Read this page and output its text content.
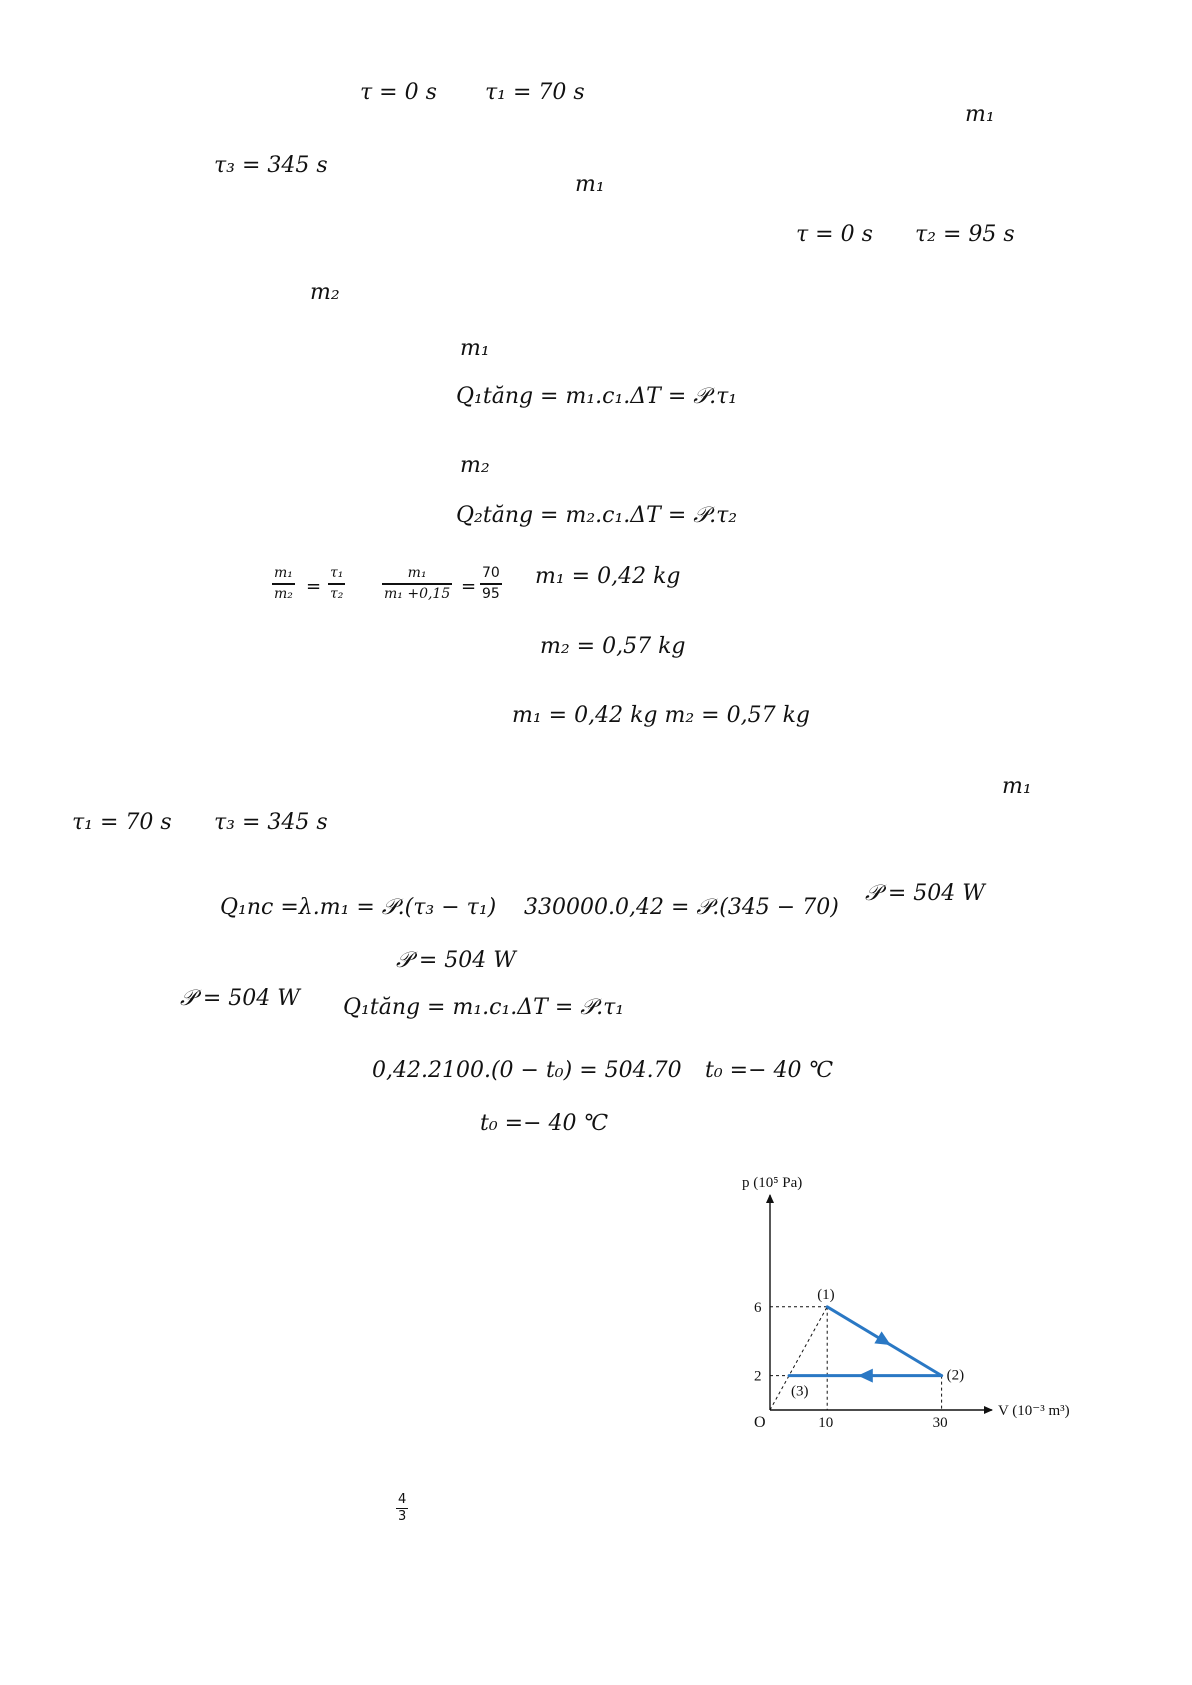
τ = 0 s τ₁ = 70 s
m₁
τ₃ = 345 s
m₁
τ = 0 s τ₂ = 95 s
m₂
m₁
Q₁tăng = m₁.c₁.ΔT = 𝒫.τ₁
m₂
Q₂tăng = m₂.c₁.ΔT = 𝒫.τ₂
m₁
m₂ =
τ₁
τ₂
m₁
m₁ +0,15 =
70
95
m₁ = 0,42 kg
m₂ = 0,57 kg
m₁ = 0,42 kg m₂ = 0,57 kg
m₁
τ₁ = 70 s τ₃ = 345 s
Q₁nc =λ.m₁ = 𝒫.(τ₃ − τ₁) 330000.0,42 = 𝒫.(345 − 70)
𝒫 = 504 W
𝒫 = 504 W
𝒫 = 504 W Q₁tăng = m₁.c₁.ΔT = 𝒫.τ₁
0,42.2100.(0 − t₀) = 504.70 t₀ =− 40 ℃
t₀ =− 40 ℃
4
3
p (10⁵ Pa)
V (10⁻³ m³)
O
6
2
10	30
(1)
(2)
(3)
